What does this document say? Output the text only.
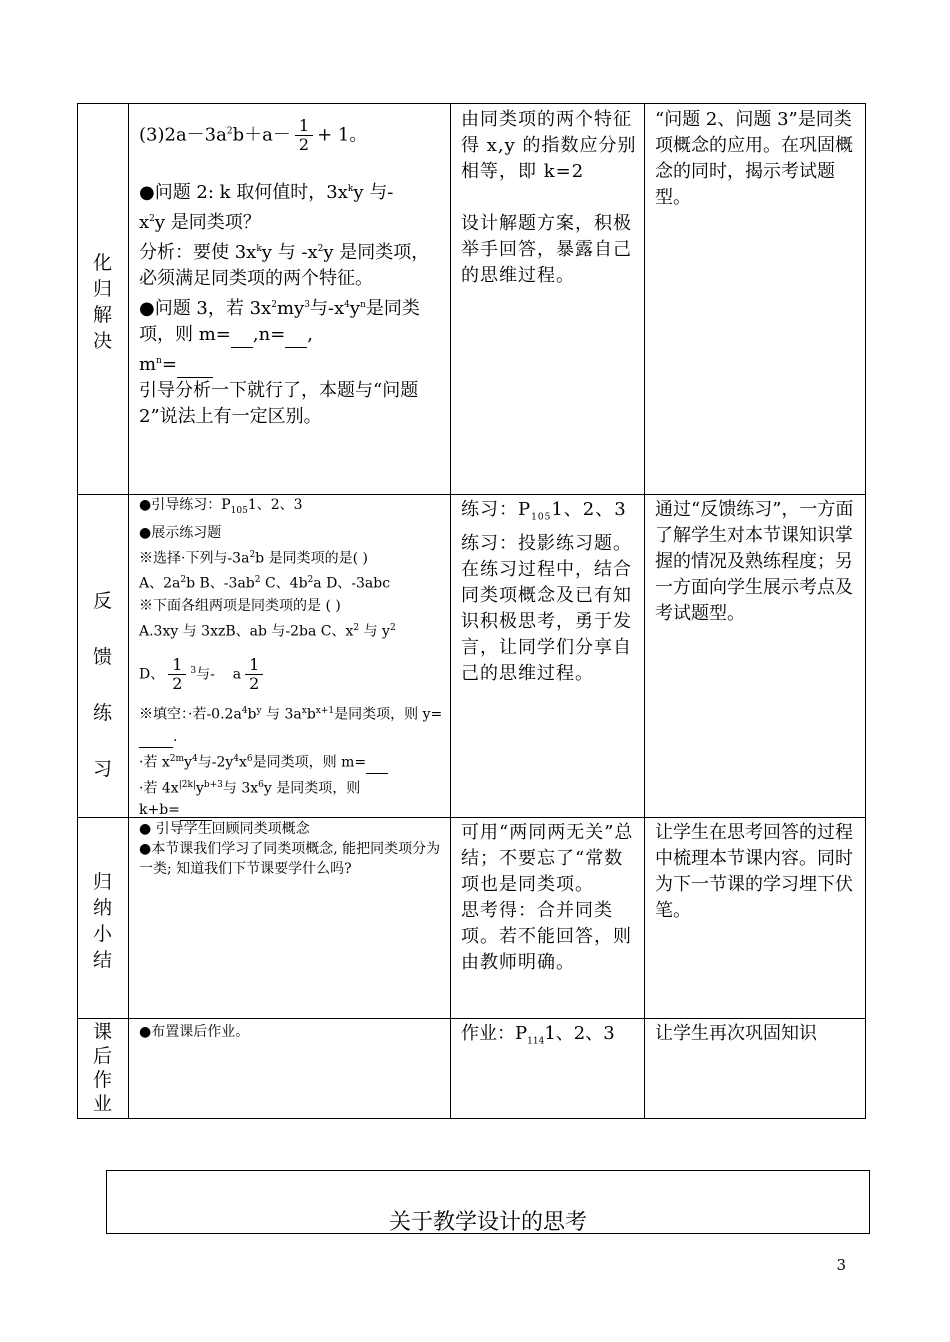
化
归
解
决
$(3)2a-3a^2b+a- \frac{1}{2} + 1$。
●问题 2: k 取何值时，$3x^ky$ 与-
$x^2y$ 是同类项？
分析：要使 $3x^ky$ 与 $-x^2y$ 是同类项，必须满足同类项的两个特征。
●问题 3，若 $3x^2my^3$与$-x^4y^n$是同类项，则 m= ,n= ,
$m^n=$
引导分析一下就行了，本题与“问题 2”说法上有一定区别。
由同类项的两个特征得 x,y 的指数应分别相等，即 k=2
设计解题方案，积极举手回答，暴露自己的思维过程。
“问题 2、问题 3”是同类项概念的应用。在巩固概念的同时，揭示考试题型。
反
馈
练
习
●引导练习：$P_{105}1$、2、3
●展示练习题
※选择·下列与$-3a^2b$ 是同类项的是( )
A、$2a^2b$ B、$-3ab^2$ C、$4b^2a$ D、-3abc
※下面各组两项是同类项的是 ( )
A.3xy 与 3xzB、ab 与-2ba C、$x^2$ 与 $y^2$
D、 $\frac{1}{2} ^3$与- a $\frac{1}{2}$
※填空：·若$-0.2a^4b^y$ 与 $3a^xb^{x+1}$是同类项，则 y=.
·若 $x^{2m}y^4$与$-2y^4x^6$是同类项，则 m=
·若 $4x^{|2k|}y^{b+3}$与 $3x^6y$ 是同类项，则
k+b=
练习：$P_{105}1$、2、3
练习：投影练习题。在练习过程中，结合同类项概念及已有知识积极思考，勇于发言，让同学们分享自己的思维过程。
通过“反馈练习”，一方面了解学生对本节课知识掌握的情况及熟练程度；另一方面向学生展示考点及考试题型。
归
纳
小
结
● 引导学生回顾同类项概念
●本节课我们学习了同类项概念, 能把同类项分为一类; 知道我们下节课要学什么吗?
可用“两同两无关”总结；不要忘了“常数项也是同类项。
思考得：合并同类项。若不能回答，则由教师明确。
让学生在思考回答的过程中梳理本节课内容。同时为下一节课的学习埋下伏笔。
课
后
作
业
●布置课后作业。	作业：$P_{114}1$、2、3	让学生再次巩固知识
关于教学设计的思考
3
